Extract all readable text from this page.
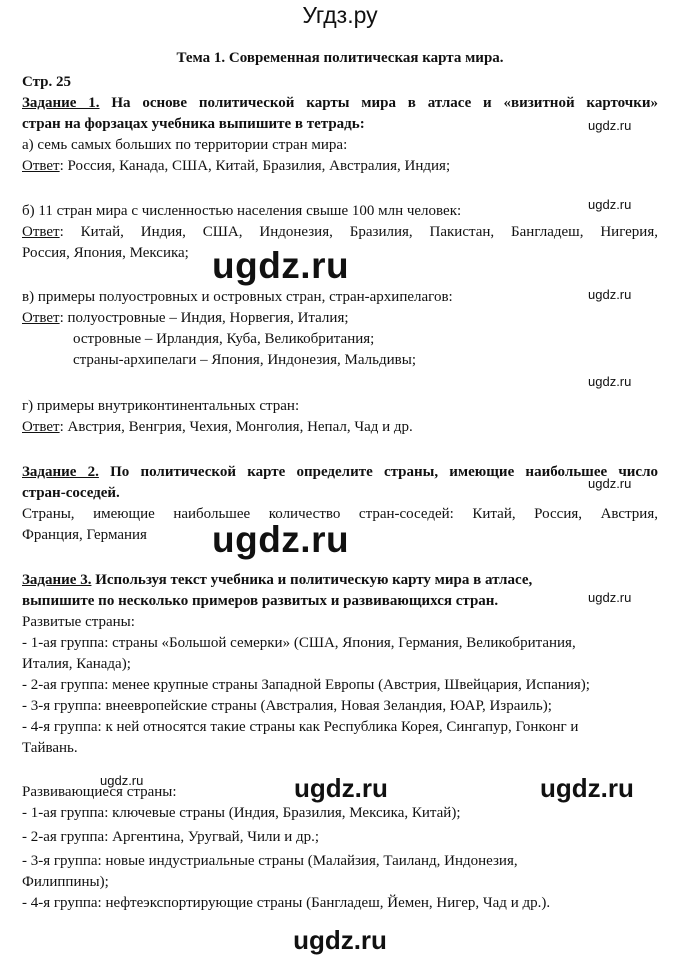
Угдз.ру
Тема 1. Современная политическая карта мира.
Стр. 25
Задание 1. На основе политической карты мира в атласе и «визитной карточки»
стран на форзацах учебника выпишите в тетрадь:	ugdz.ru
а) семь самых больших по территории стран мира:
Ответ: Россия, Канада, США, Китай, Бразилия, Австралия, Индия;
ugdz.ru
б) 11 стран мира с численностью населения свыше 100 млн человек:
Ответ: Китай, Индия, США, Индонезия, Бразилия, Пакистан, Бангладеш, Нигерия,
Россия, Япония, Мексика; ugdz.ru
в) примеры полуостровных и островных стран, стран-архипелагов:	ugdz.ru
Ответ: полуостровные – Индия, Норвегия, Италия;
островные – Ирландия, Куба, Великобритания;
страны-архипелаги – Япония, Индонезия, Мальдивы;
ugdz.ru
г) примеры внутриконтинентальных стран:
Ответ: Австрия, Венгрия, Чехия, Монголия, Непал, Чад и др.
Задание 2. По политической карте определите страны, имеющие наибольшее число
стран-соседей.
ugdz.ru
Страны, имеющие наибольшее количество стран-соседей: Китай, Россия, Австрия,
Франция, Германия ugdz.ru
Задание 3. Используя текст учебника и политическую карту мира в атласе,
выпишите по несколько примеров развитых и развивающихся стран.	ugdz.ru
Развитые страны:
- 1-ая группа: страны «Большой семерки» (США, Япония, Германия, Великобритания,
Италия, Канада);
- 2-ая группа: менее крупные страны Западной Европы (Австрия, Швейцария, Испания);
- 3-я группа: внеевропейские страны (Австралия, Новая Зеландия, ЮАР, Израиль);
- 4-я группа: к ней относятся такие страны как Республика Корея, Сингапур, Гонконг и
Тайвань.
ugdz.ru	ugdz.ru	ugdz.ru
Развивающиеся страны:
- 1-ая группа: ключевые страны (Индия, Бразилия, Мексика, Китай);
- 2-ая группа: Аргентина, Уругвай, Чили и др.;
- 3-я группа: новые индустриальные страны (Малайзия, Таиланд, Индонезия,
Филиппины);
- 4-я группа: нефтеэкспортирующие страны (Бангладеш, Йемен, Нигер, Чад и др.).
ugdz.ru
